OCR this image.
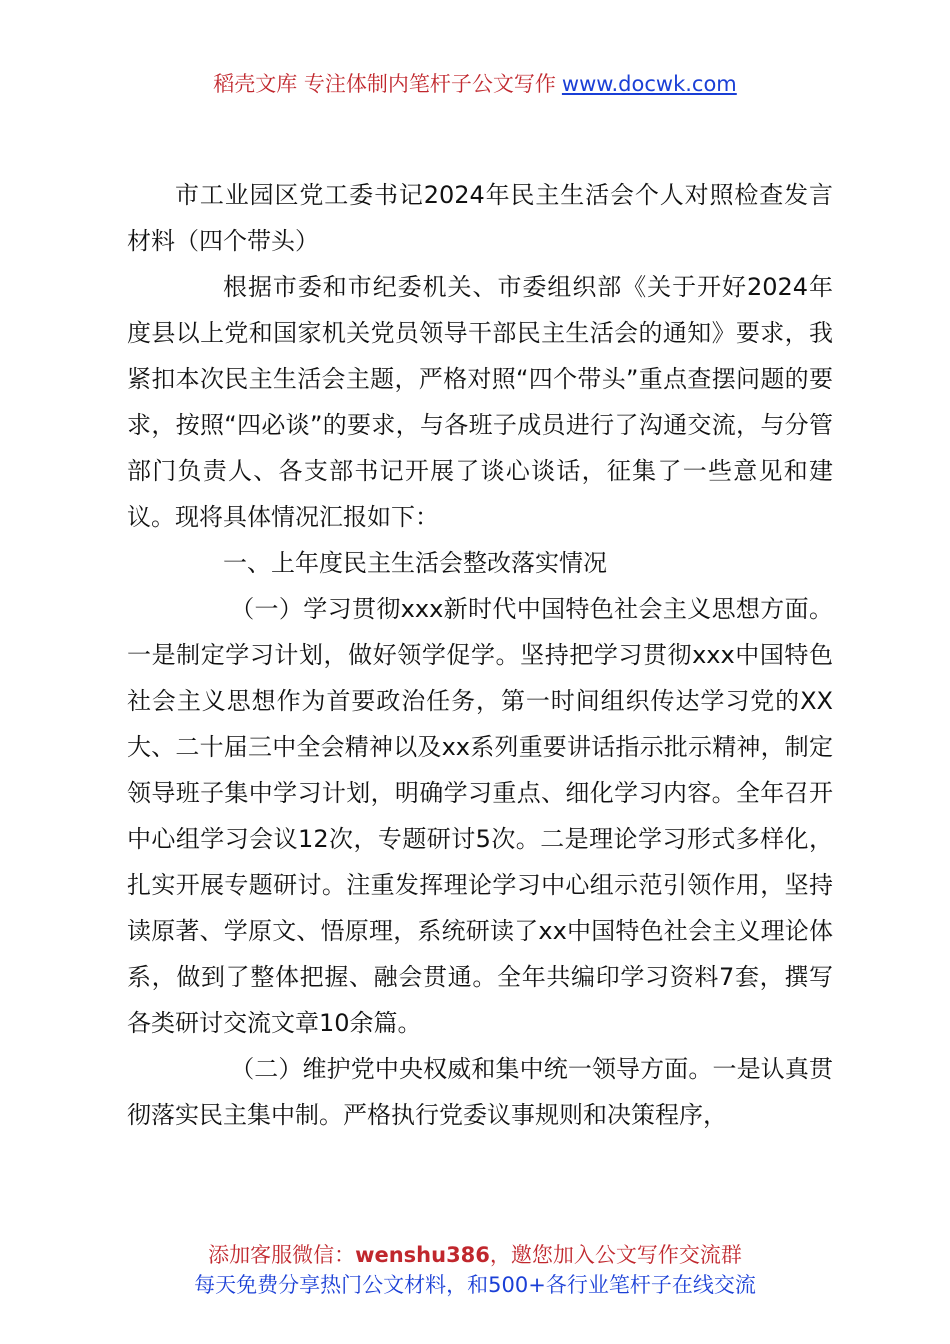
稻壳文库 专注体制内笔杆子公文写作 www.docwk.com

市工业园区党工委书记2024年民主生活会个人对照检查发言材料（四个带头）

根据市委和市纪委机关、市委组织部《关于开好2024年度县以上党和国家机关党员领导干部民主生活会的通知》要求，我紧扣本次民主生活会主题，严格对照“四个带头”重点查摆问题的要求，按照“四必谈”的要求，与各班子成员进行了沟通交流，与分管部门负责人、各支部书记开展了谈心谈话，征集了一些意见和建议。现将具体情况汇报如下：

一、上年度民主生活会整改落实情况

（一）学习贯彻xxx新时代中国特色社会主义思想方面。一是制定学习计划，做好领学促学。坚持把学习贯彻xxx中国特色社会主义思想作为首要政治任务，第一时间组织传达学习党的XX大、二十届三中全会精神以及xx系列重要讲话指示批示精神，制定领导班子集中学习计划，明确学习重点、细化学习内容。全年召开中心组学习会议12次，专题研讨5次。二是理论学习形式多样化，扎实开展专题研讨。注重发挥理论学习中心组示范引领作用，坚持读原著、学原文、悟原理，系统研读了xx中国特色社会主义理论体系，做到了整体把握、融会贯通。全年共编印学习资料7套，撰写各类研讨交流文章10余篇。

（二）维护党中央权威和集中统一领导方面。一是认真贯彻落实民主集中制。严格执行党委议事规则和决策程序，

添加客服微信：wenshu386，邀您加入公文写作交流群
每天免费分享热门公文材料，和500+各行业笔杆子在线交流
